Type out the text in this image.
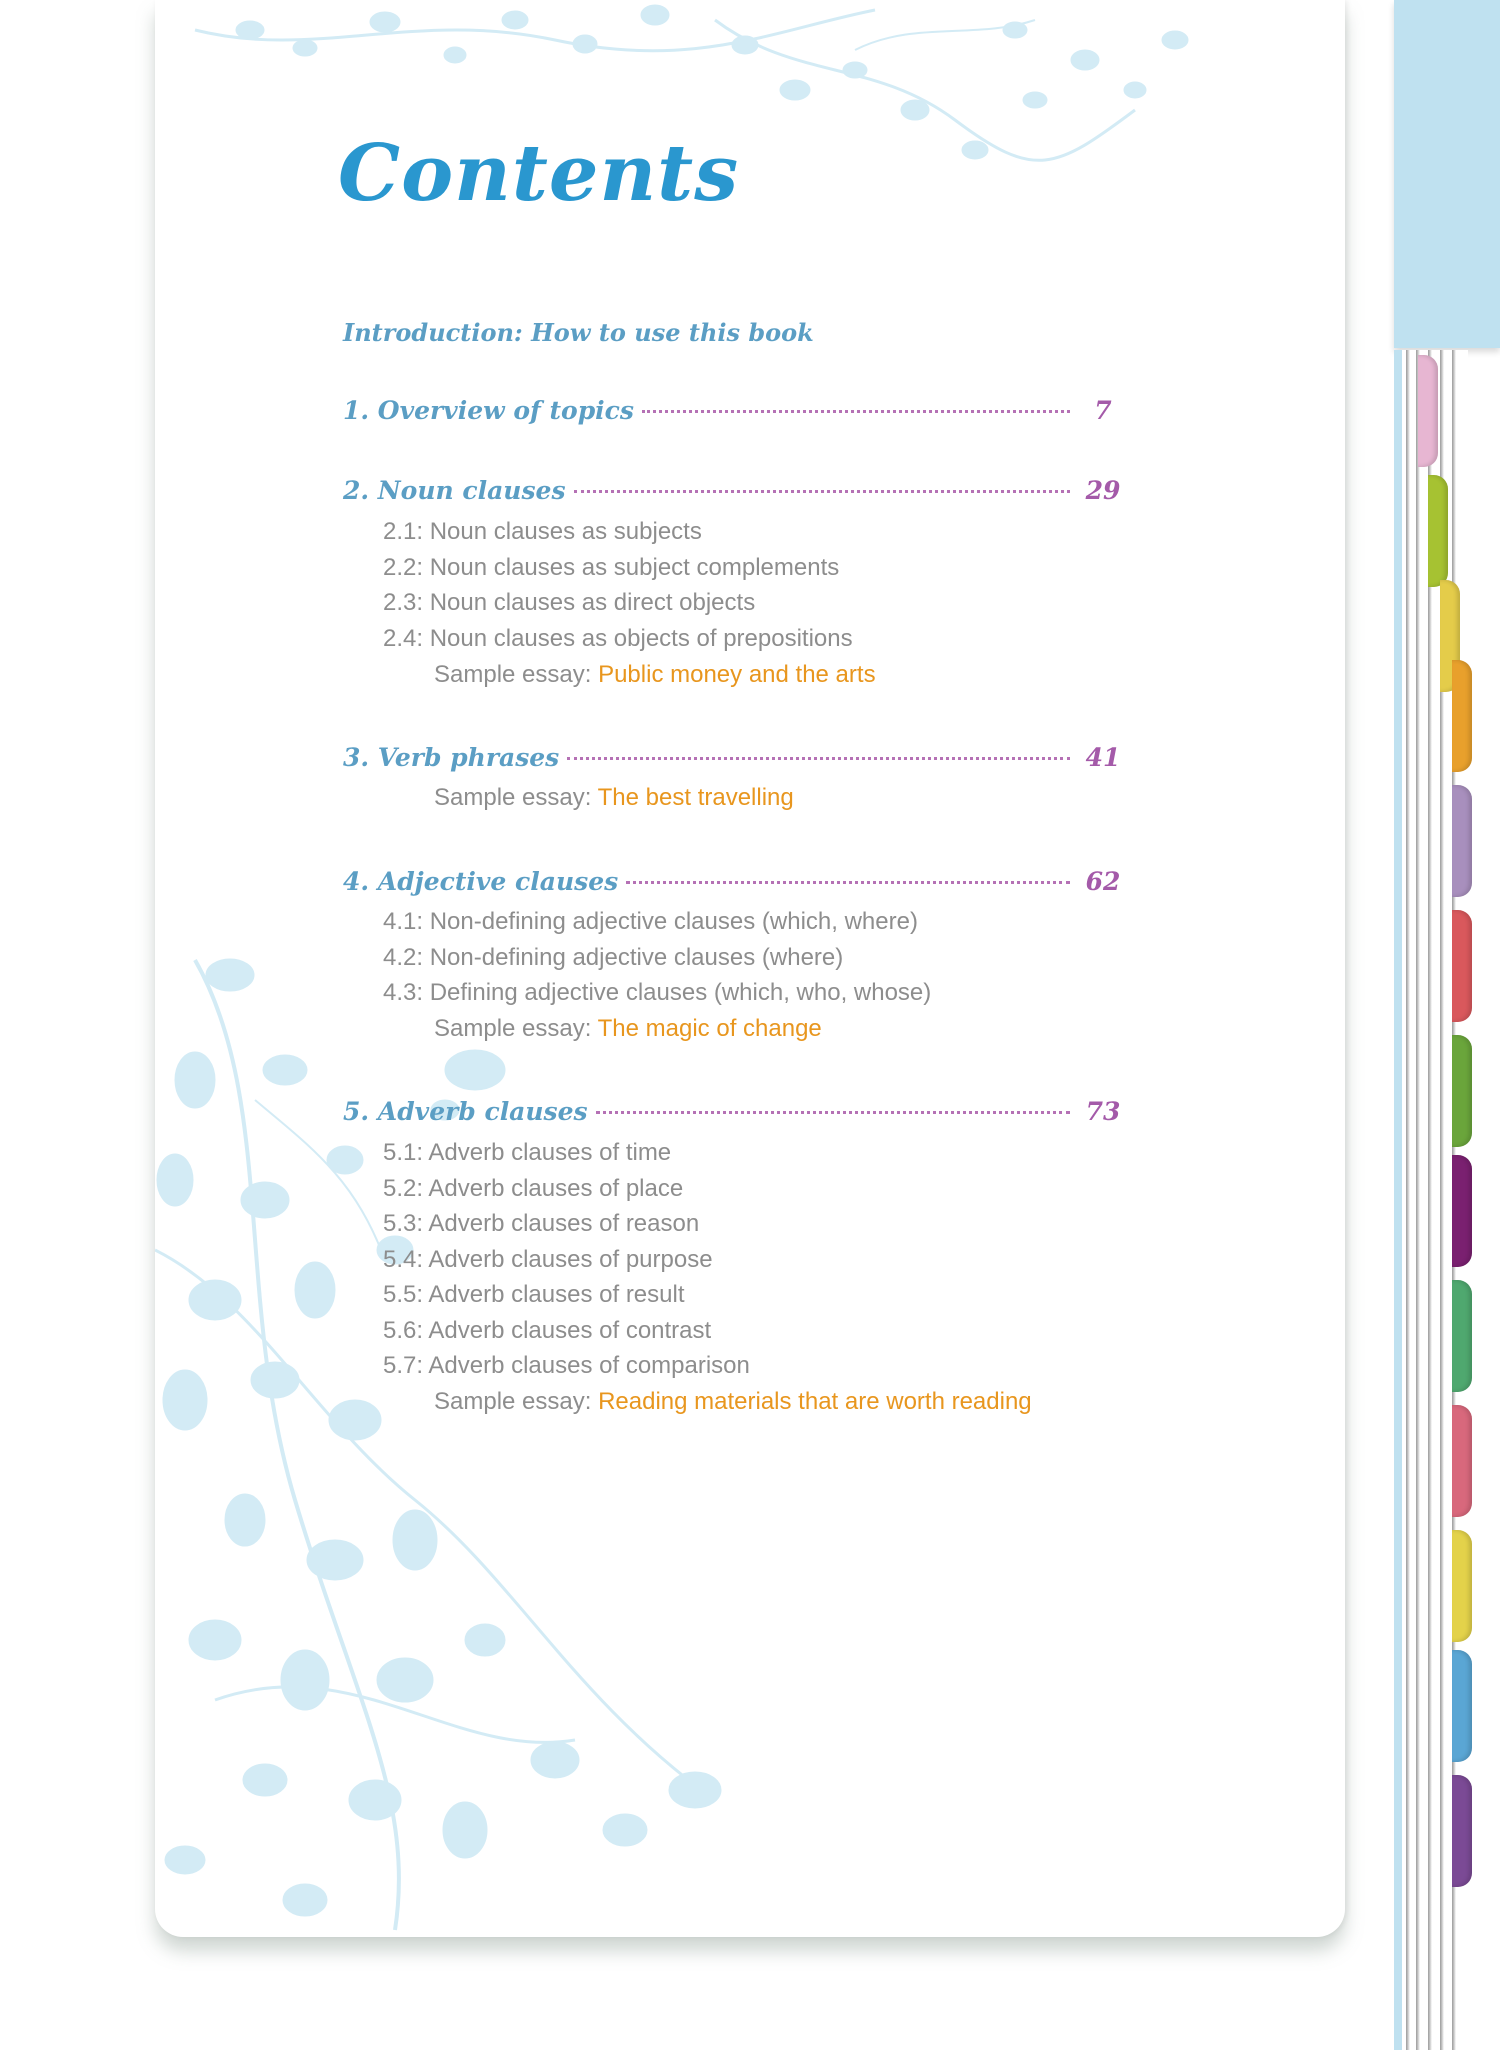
Contents
Introduction: How to use this book
1. Overview of topics	7
2. Noun clauses	29
2.1: Noun clauses as subjects
2.2: Noun clauses as subject complements
2.3: Noun clauses as direct objects
2.4: Noun clauses as objects of prepositions
Sample essay: Public money and the arts
3. Verb phrases	41
Sample essay: The best travelling
4. Adjective clauses	62
4.1: Non-defining adjective clauses (which, where)
4.2: Non-defining adjective clauses (where)
4.3: Defining adjective clauses (which, who, whose)
Sample essay: The magic of change
5. Adverb clauses	73
5.1: Adverb clauses of time
5.2: Adverb clauses of place
5.3: Adverb clauses of reason
5.4: Adverb clauses of purpose
5.5: Adverb clauses of result
5.6: Adverb clauses of contrast
5.7: Adverb clauses of comparison
Sample essay: Reading materials that are worth reading
